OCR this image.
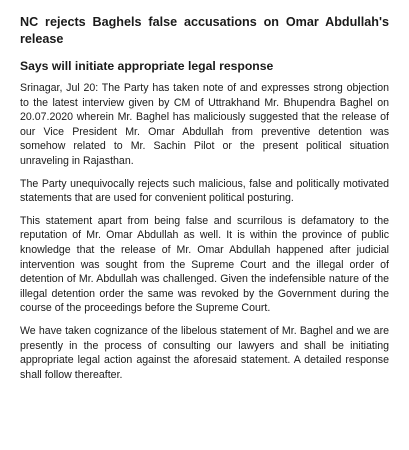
NC rejects Baghels false accusations on Omar Abdullah's release
Says will initiate appropriate legal response

Srinagar, Jul 20: The Party has taken note of and expresses strong objection to the latest interview given by CM of Uttrakhand Mr. Bhupendra Baghel on 20.07.2020 wherein Mr. Baghel has maliciously suggested that the release of our Vice President Mr. Omar Abdullah from preventive detention was somehow related to Mr. Sachin Pilot or the present political situation unraveling in Rajasthan.

The Party unequivocally rejects such malicious, false and politically motivated statements that are used for convenient political posturing.

This statement apart from being false and scurrilous is defamatory to the reputation of Mr. Omar Abdullah as well. It is within the province of public knowledge that the release of Mr. Omar Abdullah happened after judicial intervention was sought from the Supreme Court and the illegal order of detention of Mr. Abdullah was challenged. Given the indefensible nature of the illegal detention order the same was revoked by the Government during the course of the proceedings before the Supreme Court.

We have taken cognizance of the libelous statement of Mr. Baghel and we are presently in the process of consulting our lawyers and shall be initiating appropriate legal action against the aforesaid statement. A detailed response shall follow thereafter.
